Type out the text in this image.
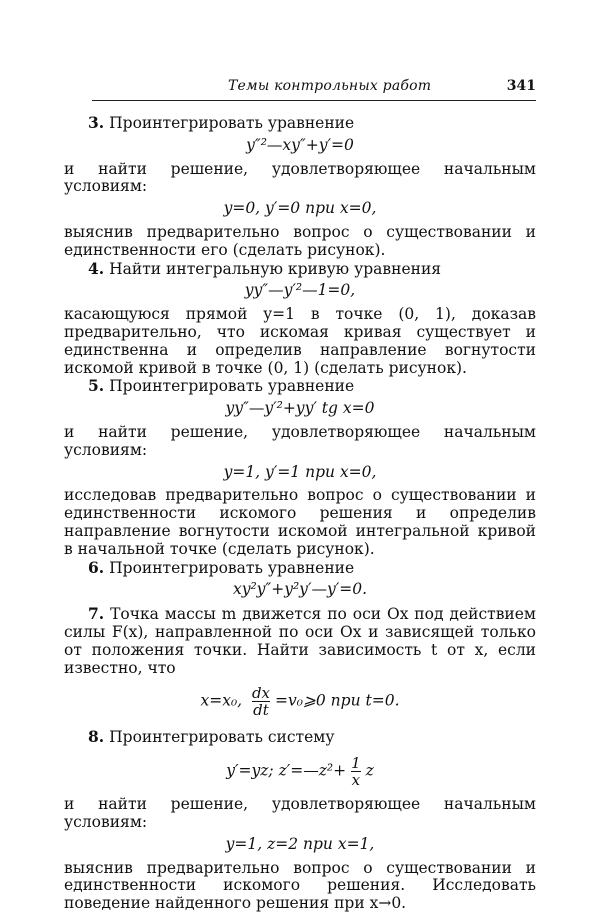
Темы контрольных работ	341

3. Проинтегрировать уравнение

y″²—xy″+y′=0

и найти решение, удовлетворяющее начальным условиям:

y=0, y′=0 при x=0,

выяснив предварительно вопрос о существовании и единственности его (сделать рисунок).

4. Найти интегральную кривую уравнения

yy″—y′²—1=0,

касающуюся прямой y=1 в точке (0, 1), доказав предварительно, что искомая кривая существует и единственна и определив направление вогнутости искомой кривой в точке (0, 1) (сделать рисунок).

5. Проинтегрировать уравнение

yy″—y′²+yy′ tg x=0

и найти решение, удовлетворяющее начальным условиям:

y=1, y′=1 при x=0,

исследовав предварительно вопрос о существовании и единственности искомого решения и определив направление вогнутости искомой интегральной кривой в начальной точке (сделать рисунок).

6. Проинтегрировать уравнение

xy²y″+y²y′—y′=0.

7. Точка массы m движется по оси Ox под действием силы F(x), направленной по оси Ox и зависящей только от положения точки. Найти зависимость t от x, если известно, что

x=x₀, $\frac{dx}{dt}$ =v₀⩾0 при t=0.

8. Проинтегрировать систему

y′=yz; z′=—z²+ $\frac{1}{x}$ z

и найти решение, удовлетворяющее начальным условиям:

y=1, z=2 при x=1,

выяснив предварительно вопрос о существовании и единственности искомого решения. Исследовать поведение найденного решения при x→0.
